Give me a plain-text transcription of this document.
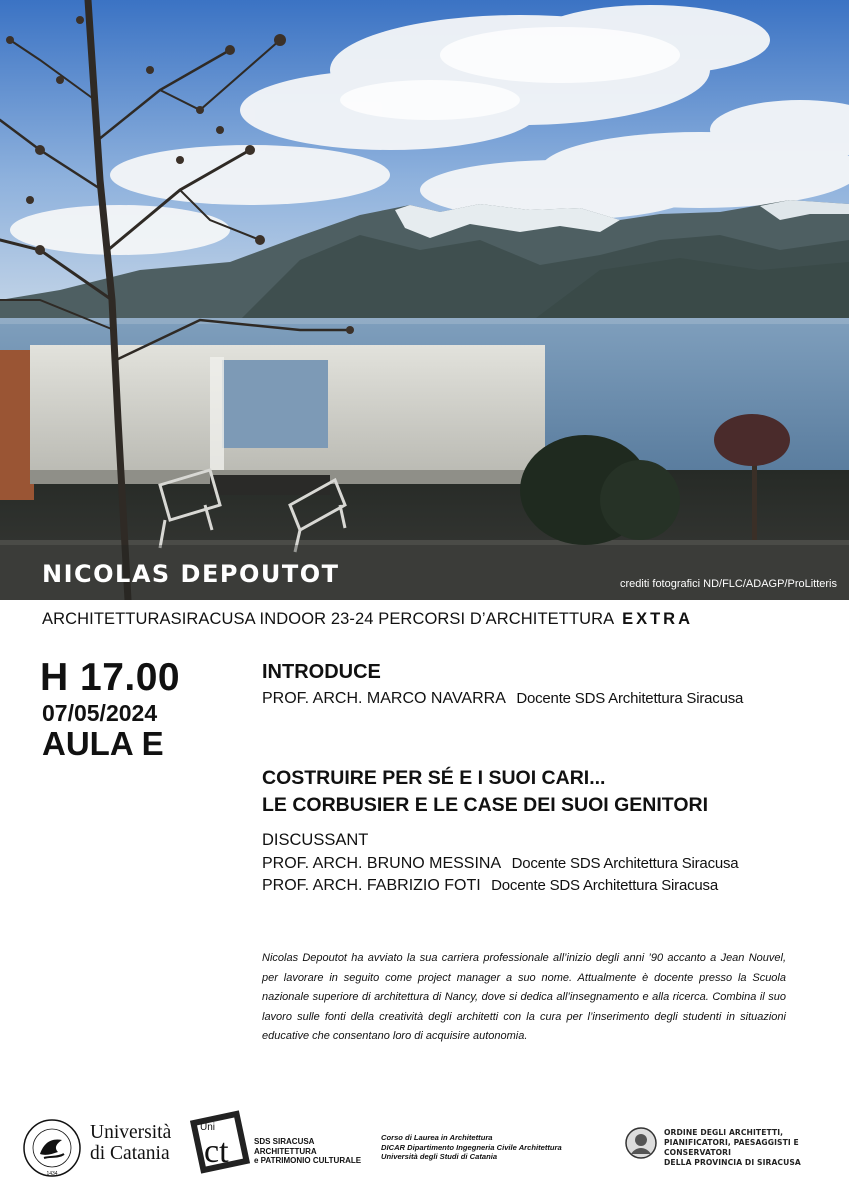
NICOLAS DEPOUTOT	crediti fotografici ND/FLC/ADAGP/ProLitteris
ARCHITETTURASIRACUSA INDOOR 23-24 PERCORSI D’ARCHITETTURA EXTRA
H 17.00
07/05/2024
AULA E
INTRODUCE
PROF. ARCH. MARCO NAVARRA Docente SDS Architettura Siracusa
COSTRUIRE PER SÉ E I SUOI CARI...
LE CORBUSIER E LE CASE DEI SUOI GENITORI
DISCUSSANT
PROF. ARCH. BRUNO MESSINA Docente SDS Architettura Siracusa
PROF. ARCH. FABRIZIO FOTI Docente SDS Architettura Siracusa

Nicolas Depoutot ha avviato la sua carriera professionale all’inizio degli anni ’90 accanto a Jean Nouvel, per lavorare in seguito come project manager a suo nome. Attualmente è docente presso la Scuola nazionale superiore di architettura di Nancy, dove si dedica all’insegnamento e alla ricerca. Combina il suo lavoro sulle fonti della creatività degli architetti con la cura per l’inserimento degli studenti in situazioni educative che consentano loro di acquisire autonomia.

1434
Università
di Catania
Uni
ct	SDS SIRACUSA
ARCHITETTURA
e PATRIMONIO CULTURALE
Corso di Laurea in Architettura
DICAR Dipartimento Ingegneria Civile Architettura
Università degli Studi di Catania
ORDINE DEGLI ARCHITETTI,
PIANIFICATORI, PAESAGGISTI E CONSERVATORI
DELLA PROVINCIA DI SIRACUSA
